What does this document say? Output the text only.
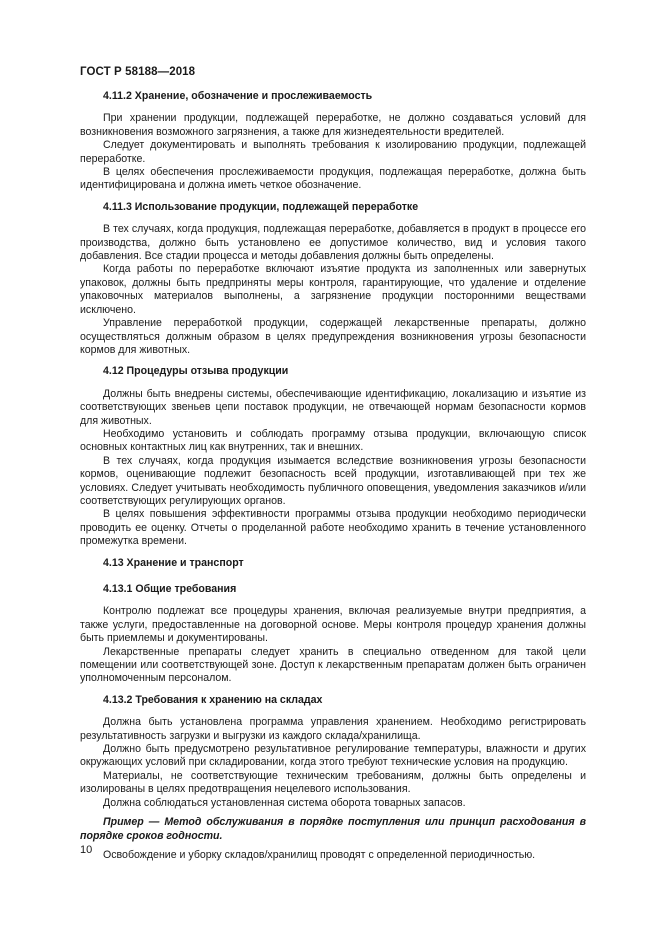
ГОСТ Р 58188—2018
4.11.2 Хранение, обозначение и прослеживаемость

При хранении продукции, подлежащей переработке, не должно создаваться условий для возникновения возможного загрязнения, а также для жизнедеятельности вредителей.

Следует документировать и выполнять требования к изолированию продукции, подлежащей переработке.

В целях обеспечения прослеживаемости продукция, подлежащая переработке, должна быть идентифицирована и должна иметь четкое обозначение.

4.11.3 Использование продукции, подлежащей переработке

В тех случаях, когда продукция, подлежащая переработке, добавляется в продукт в процессе его производства, должно быть установлено ее допустимое количество, вид и условия такого добавления. Все стадии процесса и методы добавления должны быть определены.

Когда работы по переработке включают изъятие продукта из заполненных или завернутых упаковок, должны быть предприняты меры контроля, гарантирующие, что удаление и отделение упаковочных материалов выполнены, а загрязнение продукции посторонними веществами исключено.

Управление переработкой продукции, содержащей лекарственные препараты, должно осуществляться должным образом в целях предупреждения возникновения угрозы безопасности кормов для животных.

4.12 Процедуры отзыва продукции

Должны быть внедрены системы, обеспечивающие идентификацию, локализацию и изъятие из соответствующих звеньев цепи поставок продукции, не отвечающей нормам безопасности кормов для животных.

Необходимо установить и соблюдать программу отзыва продукции, включающую список основных контактных лиц как внутренних, так и внешних.

В тех случаях, когда продукция изымается вследствие возникновения угрозы безопасности кормов, оценивающие подлежит безопасность всей продукции, изготавливающей при тех же условиях. Следует учитывать необходимость публичного оповещения, уведомления заказчиков и/или соответствующих регулирующих органов.

В целях повышения эффективности программы отзыва продукции необходимо периодически проводить ее оценку. Отчеты о проделанной работе необходимо хранить в течение установленного промежутка времени.

4.13 Хранение и транспорт
4.13.1 Общие требования

Контролю подлежат все процедуры хранения, включая реализуемые внутри предприятия, а также услуги, предоставленные на договорной основе. Меры контроля процедур хранения должны быть приемлемы и документированы.

Лекарственные препараты следует хранить в специально отведенном для такой цели помещении или соответствующей зоне. Доступ к лекарственным препаратам должен быть ограничен уполномоченным персоналом.

4.13.2 Требования к хранению на складах

Должна быть установлена программа управления хранением. Необходимо регистрировать результативность загрузки и выгрузки из каждого склада/хранилища.

Должно быть предусмотрено результативное регулирование температуры, влажности и других окружающих условий при складировании, когда этого требуют технические условия на продукцию.

Материалы, не соответствующие техническим требованиям, должны быть определены и изолированы в целях предотвращения нецелевого использования.

Должна соблюдаться установленная система оборота товарных запасов.

Пример — Метод обслуживания в порядке поступления или принцип расходования в порядке сроков годности.

Освобождение и уборку складов/хранилищ проводят с определенной периодичностью.

10
